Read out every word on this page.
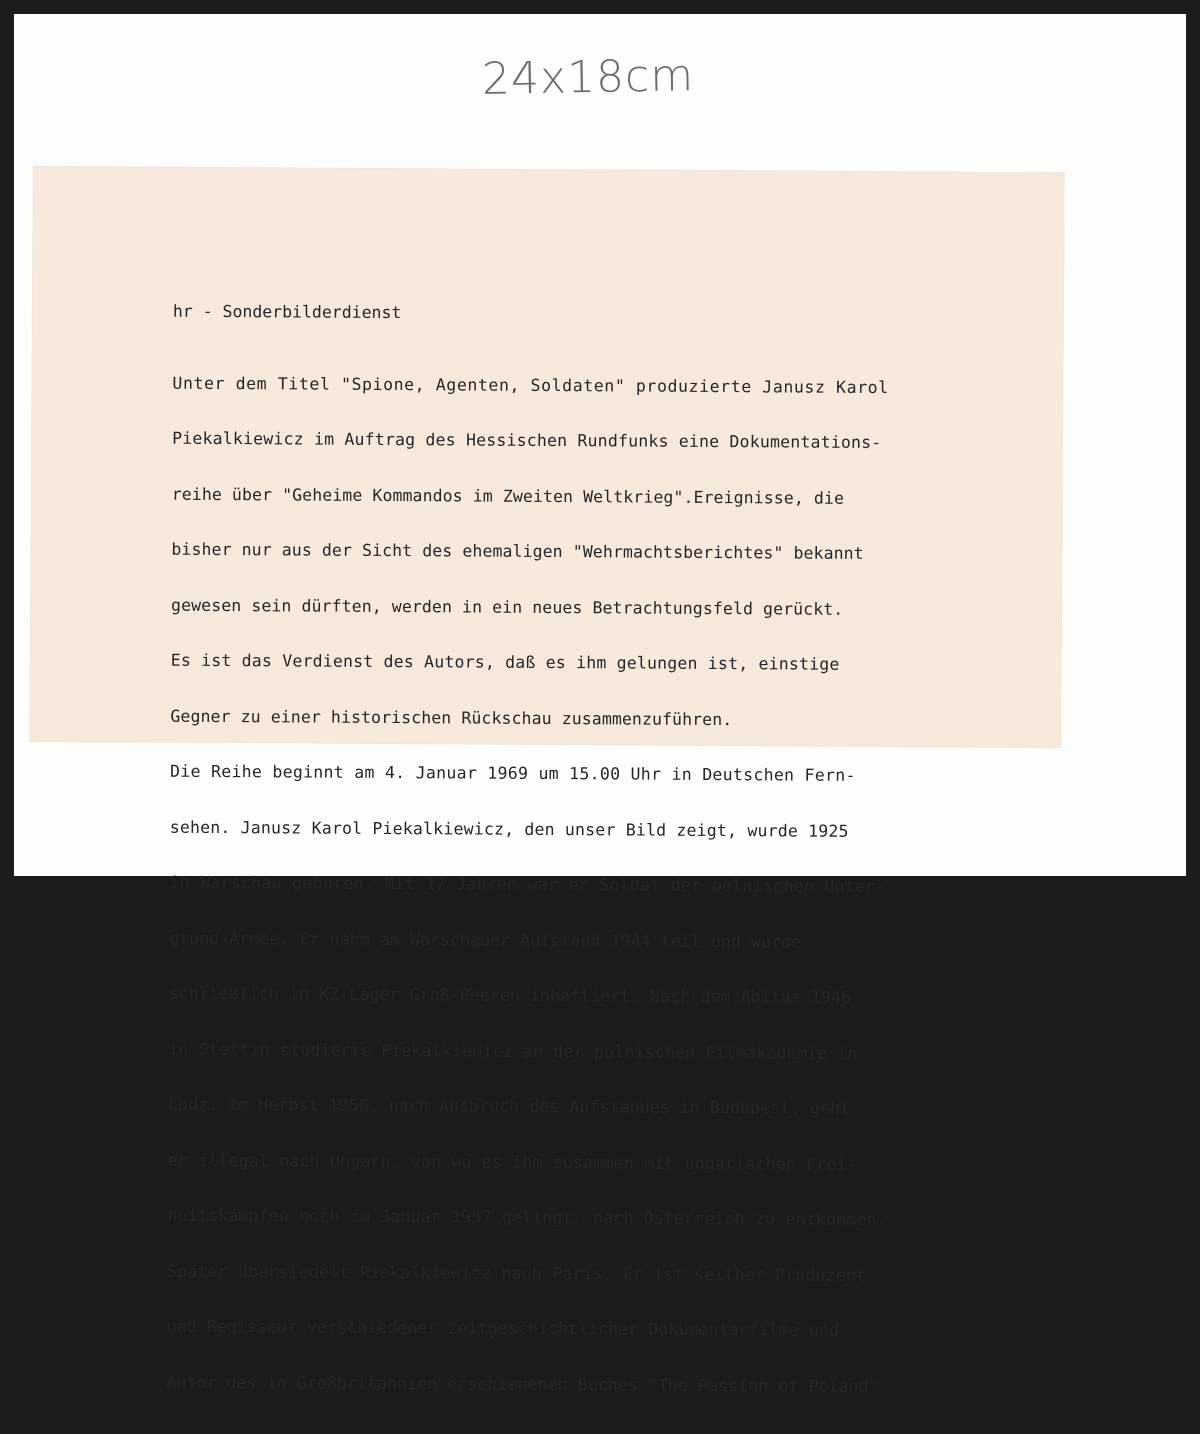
24x18cm

hr - Sonderbilderdienst

Unter dem Titel "Spione, Agenten, Soldaten" produzierte Janusz Karol

Piekalkiewicz im Auftrag des Hessischen Rundfunks eine Dokumentations-

reihe über "Geheime Kommandos im Zweiten Weltkrieg".Ereignisse, die

bisher nur aus der Sicht des ehemaligen "Wehrmachtsberichtes" bekannt

gewesen sein dürften, werden in ein neues Betrachtungsfeld gerückt.

Es ist das Verdienst des Autors, daß es ihm gelungen ist, einstige

Gegner zu einer historischen Rückschau zusammenzuführen.

Die Reihe beginnt am 4. Januar 1969 um 15.00 Uhr in Deutschen Fern-

sehen. Janusz Karol Piekalkiewicz, den unser Bild zeigt, wurde 1925

in Warschau geboren. Mit 17 Jahren war er Soldat der polnischen Unter-

grund-Armee. Er nahm am Warschauer Aufstand 1944 teil und wurde

schließlich in KZ-Lager Groß-Beeren inhaftiert. Nach dem Abitur 1946

in Stettin studierte Piekalkiewicz an der polnischen Filmakademie in

Lodz. Im Herbst 1956, nach Ausbruch des Aufstandes in Budapest, geht

er illegal nach Ungarn, von wo es ihm zusammen mit ungarischen Frei-

heitskämpfen noch im Januar 1957 gelingt, nach Österreich zu entkommen.

Später übersiedelt Piekalkiewicz nach Paris. Er ist seither Produzent

und Regisseur verschiedener zeitgeschichtlicher Dokumentarfilme und

Autor des in Großbritannien erschienenen Buches "The Passion of Poland"
